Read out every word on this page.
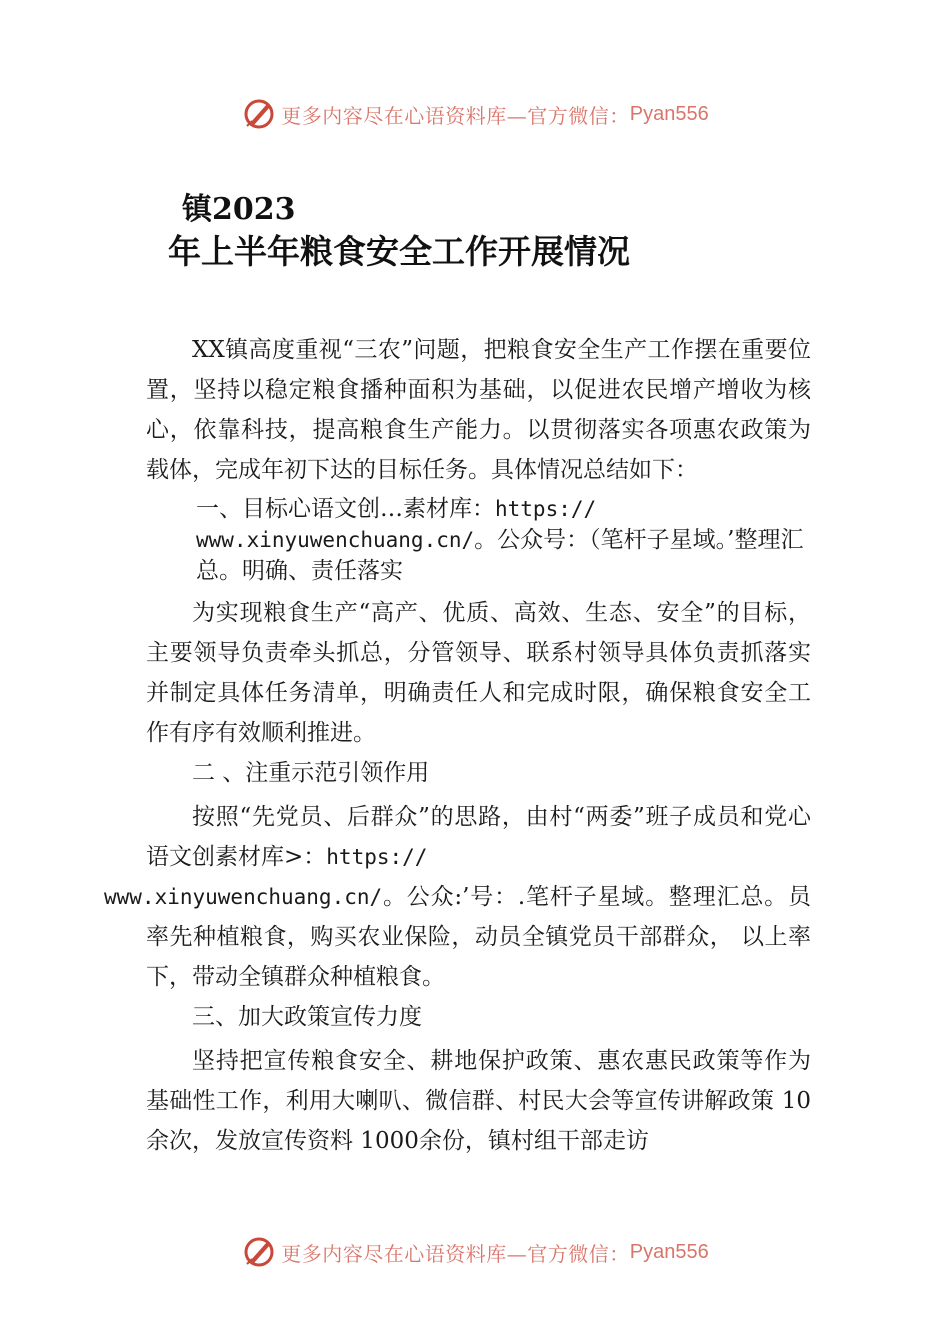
更多内容尽在心语资料库—官方微信： Pyan556
镇2023
年上半年粮食安全工作开展情况

XX镇高度重视“三农”问题，把粮食安全生产工作摆在重要位置，坚持以稳定粮食播种面积为基础，以促进农民增产增收为核心，依靠科技，提高粮食生产能力。以贯彻落实各项惠农政策为载体，完成年初下达的目标任务。具体情况总结如下：

一、目标心语文创…素材库：https://
www.xinyuwenchuang.cn/。公众号：（笔杆子星域。’整理汇总。明确、责任落实

为实现粮食生产“高产、优质、高效、生态、安全”的目标，主要领导负责牵头抓总，分管领导、联系村领导具体负责抓落实并制定具体任务清单，明确责任人和完成时限，确保粮食安全工作有序有效顺利推进。

二 、注重示范引领作用

按照“先党员、后群众”的思路，由村“两委”班子成员和党心语文创素材库>：https://
www.xinyuwenchuang.cn/。公众:’号：.笔杆子星域。整理汇总。员率先种植粮食，购买农业保险，动员全镇党员干部群众， 以上率下，带动全镇群众种植粮食。

三、加大政策宣传力度

坚持把宣传粮食安全、耕地保护政策、惠农惠民政策等作为基础性工作，利用大喇叭、微信群、村民大会等宣传讲解政策 10余次，发放宣传资料 1000余份，镇村组干部走访

更多内容尽在心语资料库—官方微信： Pyan556
